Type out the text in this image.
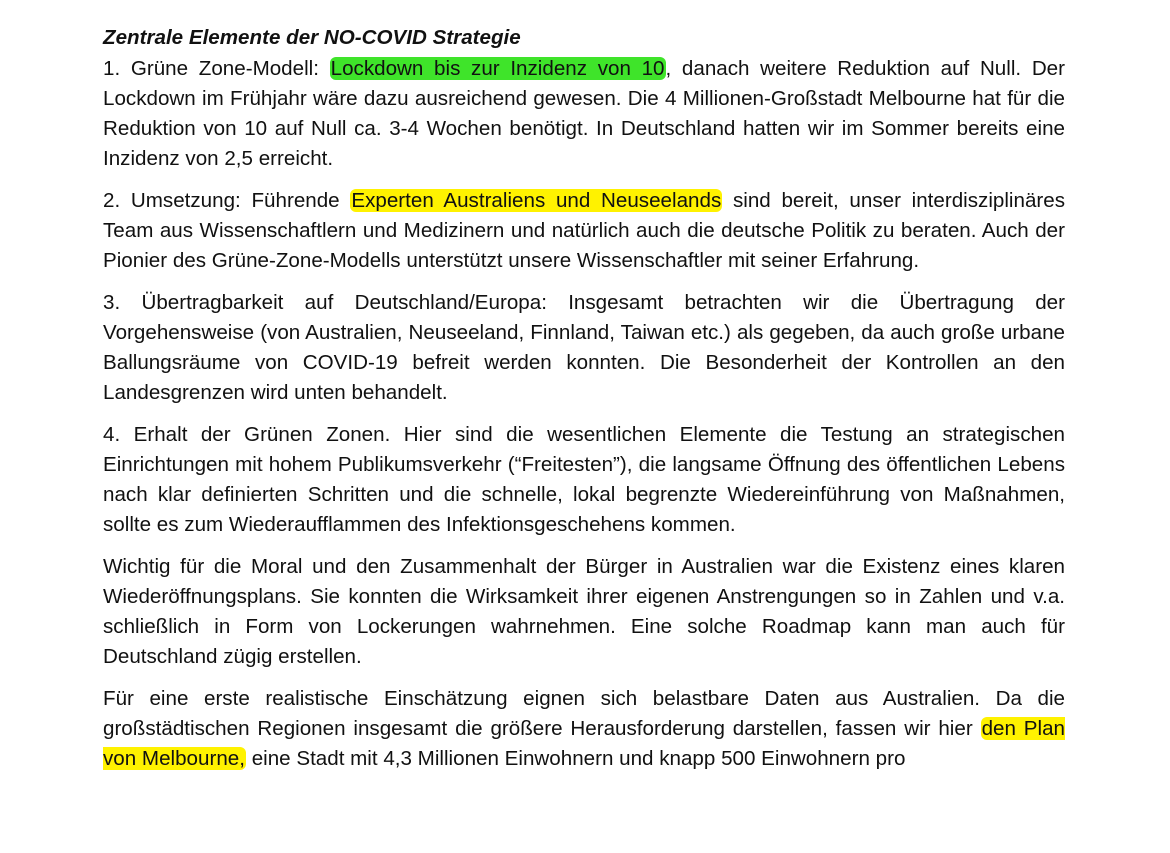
Zentrale Elemente der NO-COVID Strategie

1. Grüne Zone-Modell: Lockdown bis zur Inzidenz von 10, danach weitere Reduktion auf Null. Der Lockdown im Frühjahr wäre dazu ausreichend gewesen. Die 4 Millionen-Großstadt Melbourne hat für die Reduktion von 10 auf Null ca. 3-4 Wochen benötigt. In Deutschland hatten wir im Sommer bereits eine Inzidenz von 2,5 erreicht.

2. Umsetzung: Führende Experten Australiens und Neuseelands sind bereit, unser interdisziplinäres Team aus Wissenschaftlern und Medizinern und natürlich auch die deutsche Politik zu beraten. Auch der Pionier des Grüne-Zone-Modells unterstützt unsere Wissenschaftler mit seiner Erfahrung.

3. Übertragbarkeit auf Deutschland/Europa: Insgesamt betrachten wir die Übertragung der Vorgehensweise (von Australien, Neuseeland, Finnland, Taiwan etc.) als gegeben, da auch große urbane Ballungsräume von COVID-19 befreit werden konnten. Die Besonderheit der Kontrollen an den Landesgrenzen wird unten behandelt.

4. Erhalt der Grünen Zonen. Hier sind die wesentlichen Elemente die Testung an strategischen Einrichtungen mit hohem Publikumsverkehr (“Freitesten”), die langsame Öffnung des öffentlichen Lebens nach klar definierten Schritten und die schnelle, lokal begrenzte Wiedereinführung von Maßnahmen, sollte es zum Wiederaufflammen des Infektionsgeschehens kommen.

Wichtig für die Moral und den Zusammenhalt der Bürger in Australien war die Existenz eines klaren Wiederöffnungsplans. Sie konnten die Wirksamkeit ihrer eigenen Anstrengungen so in Zahlen und v.a. schließlich in Form von Lockerungen wahrnehmen. Eine solche Roadmap kann man auch für Deutschland zügig erstellen.

Für eine erste realistische Einschätzung eignen sich belastbare Daten aus Australien. Da die großstädtischen Regionen insgesamt die größere Herausforderung darstellen, fassen wir hier den Plan von Melbourne, eine Stadt mit 4,3 Millionen Einwohnern und knapp 500 Einwohnern pro
